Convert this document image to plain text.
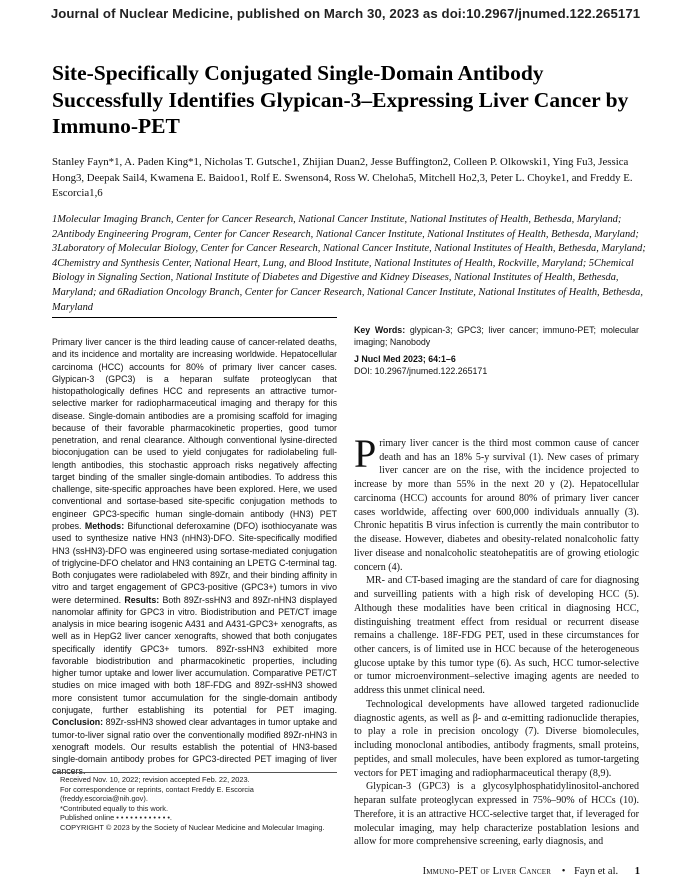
Journal of Nuclear Medicine, published on March 30, 2023 as doi:10.2967/jnumed.122.265171
Site-Specifically Conjugated Single-Domain Antibody Successfully Identifies Glypican-3–Expressing Liver Cancer by Immuno-PET
Stanley Fayn*1, A. Paden King*1, Nicholas T. Gutsche1, Zhijian Duan2, Jesse Buffington2, Colleen P. Olkowski1, Ying Fu3, Jessica Hong3, Deepak Sail4, Kwamena E. Baidoo1, Rolf E. Swenson4, Ross W. Cheloha5, Mitchell Ho2,3, Peter L. Choyke1, and Freddy E. Escorcia1,6
1Molecular Imaging Branch, Center for Cancer Research, National Cancer Institute, National Institutes of Health, Bethesda, Maryland; 2Antibody Engineering Program, Center for Cancer Research, National Cancer Institute, National Institutes of Health, Bethesda, Maryland; 3Laboratory of Molecular Biology, Center for Cancer Research, National Cancer Institute, National Institutes of Health, Bethesda, Maryland; 4Chemistry and Synthesis Center, National Heart, Lung, and Blood Institute, National Institutes of Health, Rockville, Maryland; 5Chemical Biology in Signaling Section, National Institute of Diabetes and Digestive and Kidney Diseases, National Institutes of Health, Bethesda, Maryland; and 6Radiation Oncology Branch, Center for Cancer Research, National Cancer Institute, National Institutes of Health, Bethesda, Maryland
Primary liver cancer is the third leading cause of cancer-related deaths, and its incidence and mortality are increasing worldwide. Hepatocellular carcinoma (HCC) accounts for 80% of primary liver cancer cases. Glypican-3 (GPC3) is a heparan sulfate proteoglycan that histopathologically defines HCC and represents an attractive tumor-selective marker for radiopharmaceutical imaging and therapy for this disease. Single-domain antibodies are a promising scaffold for imaging because of their favorable pharmacokinetic properties, good tumor penetration, and renal clearance. Although conventional lysine-directed bioconjugation can be used to yield conjugates for radiolabeling full-length antibodies, this stochastic approach risks negatively affecting target binding of the smaller single-domain antibodies. To address this challenge, site-specific approaches have been explored. Here, we used conventional and sortase-based site-specific conjugation methods to engineer GPC3-specific human single-domain antibody (HN3) PET probes. Methods: Bifunctional deferoxamine (DFO) isothiocyanate was used to synthesize native HN3 (nHN3)-DFO. Site-specifically modified HN3 (ssHN3)-DFO was engineered using sortase-mediated conjugation of triglycine-DFO chelator and HN3 containing an LPETG C-terminal tag. Both conjugates were radiolabeled with 89Zr, and their binding affinity in vitro and target engagement of GPC3-positive (GPC3+) tumors in vivo were determined. Results: Both 89Zr-ssHN3 and 89Zr-nHN3 displayed nanomolar affinity for GPC3 in vitro. Biodistribution and PET/CT image analysis in mice bearing isogenic A431 and A431-GPC3+ xenografts, as well as in HepG2 liver cancer xenografts, showed that both conjugates specifically identify GPC3+ tumors. 89Zr-ssHN3 exhibited more favorable biodistribution and pharmacokinetic properties, including higher tumor uptake and lower liver accumulation. Comparative PET/CT studies on mice imaged with both 18F-FDG and 89Zr-ssHN3 showed more consistent tumor accumulation for the single-domain antibody conjugate, further establishing its potential for PET imaging. Conclusion: 89Zr-ssHN3 showed clear advantages in tumor uptake and tumor-to-liver signal ratio over the conventionally modified 89Zr-nHN3 in xenograft models. Our results establish the potential of HN3-based single-domain antibody probes for GPC3-directed PET imaging of liver cancers.

Received Nov. 10, 2022; revision accepted Feb. 22, 2023.

For correspondence or reprints, contact Freddy E. Escorcia (freddy.escorcia@nih.gov).

*Contributed equally to this work.

Published online • • • • • • • • • • • •.

COPYRIGHT © 2023 by the Society of Nuclear Medicine and Molecular Imaging.

Key Words: glypican-3; GPC3; liver cancer; immuno-PET; molecular imaging; Nanobody

J Nucl Med 2023; 64:1–6

DOI: 10.2967/jnumed.122.265171

Primary liver cancer is the third most common cause of cancer death and has an 18% 5-y survival (1). New cases of primary liver cancer are on the rise, with the incidence projected to increase by more than 55% in the next 20 y (2). Hepatocellular carcinoma (HCC) accounts for around 80% of primary liver cancer cases worldwide, affecting over 600,000 individuals annually (3). Chronic hepatitis B virus infection is currently the main contributor to the disease. However, diabetes and obesity-related nonalcoholic fatty liver disease and nonalcoholic steatohepatitis are of growing etiologic concern (4).

MR- and CT-based imaging are the standard of care for diagnosing and surveilling patients with a high risk of developing HCC (5). Although these modalities have been critical in diagnosing HCC, distinguishing treatment effect from residual or recurrent disease remains a challenge. 18F-FDG PET, used in these circumstances for other cancers, is of limited use in HCC because of the heterogeneous glucose uptake by this tumor type (6). As such, HCC tumor-selective or tumor microenvironment–selective imaging agents are needed to address this unmet clinical need.

Technological developments have allowed targeted radionuclide diagnostic agents, as well as β- and α-emitting radionuclide therapies, to play a role in precision oncology (7). Diverse biomolecules, including monoclonal antibodies, antibody fragments, small proteins, peptides, and small molecules, have been explored as tumor-targeting vectors for PET imaging and radiopharmaceutical therapy (8,9).

Glypican-3 (GPC3) is a glycosylphosphatidylinositol-anchored heparan sulfate proteoglycan expressed in 75%–90% of HCCs (10). Therefore, it is an attractive HCC-selective target that, if leveraged for molecular imaging, may help characterize postablation lesions and allow for more comprehensive screening, early diagnosis, and

Immuno-PET of Liver Cancer • Fayn et al. 1
